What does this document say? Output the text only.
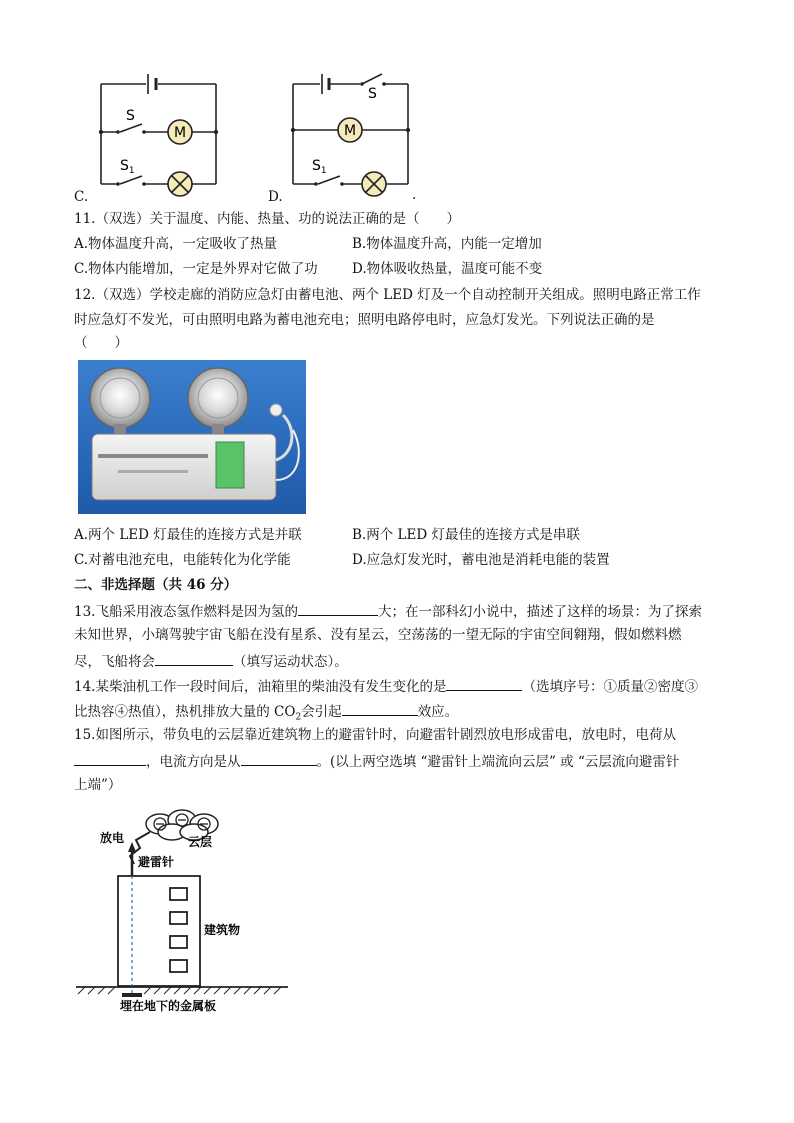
S
M
$S_1$
C.
S
M
$S_1$
D.	.
11.（双选）关于温度、内能、热量、功的说法正确的是（　　）
A.物体温度升高，一定吸收了热量	B.物体温度升高，内能一定增加
C.物体内能增加，一定是外界对它做了功	D.物体吸收热量，温度可能不变
12.（双选）学校走廊的消防应急灯由蓄电池、两个 LED 灯及一个自动控制开关组成。照明电路正常工作
时应急灯不发光，可由照明电路为蓄电池充电；照明电路停电时，应急灯发光。下列说法正确的是
（　　）
A.两个 LED 灯最佳的连接方式是并联	B.两个 LED 灯最佳的连接方式是串联
C.对蓄电池充电，电能转化为化学能	D.应急灯发光时，蓄电池是消耗电能的装置
二、非选择题（共 46 分）
13.飞船采用液态氢作燃料是因为氢的	大；在一部科幻小说中，描述了这样的场景：为了探索
未知世界，小璃驾驶宇宙飞船在没有星系、没有星云，空荡荡的一望无际的宇宙空间翱翔，假如燃料燃
尽，飞船将会	（填写运动状态）。
14.某柴油机工作一段时间后，油箱里的柴油没有发生变化的是	（选填序号：①质量②密度③
比热容④热值），热机排放大量的 $CO_2$会引起	效应。
15.如图所示，带负电的云层靠近建筑物上的避雷针时，向避雷针剧烈放电形成雷电，放电时，电荷从
，电流方向是从	。(以上两空选填 “避雷针上端流向云层” 或 “云层流向避雷针
上端”）
放电	云层
避雷针
建筑物
埋在地下的金属板
